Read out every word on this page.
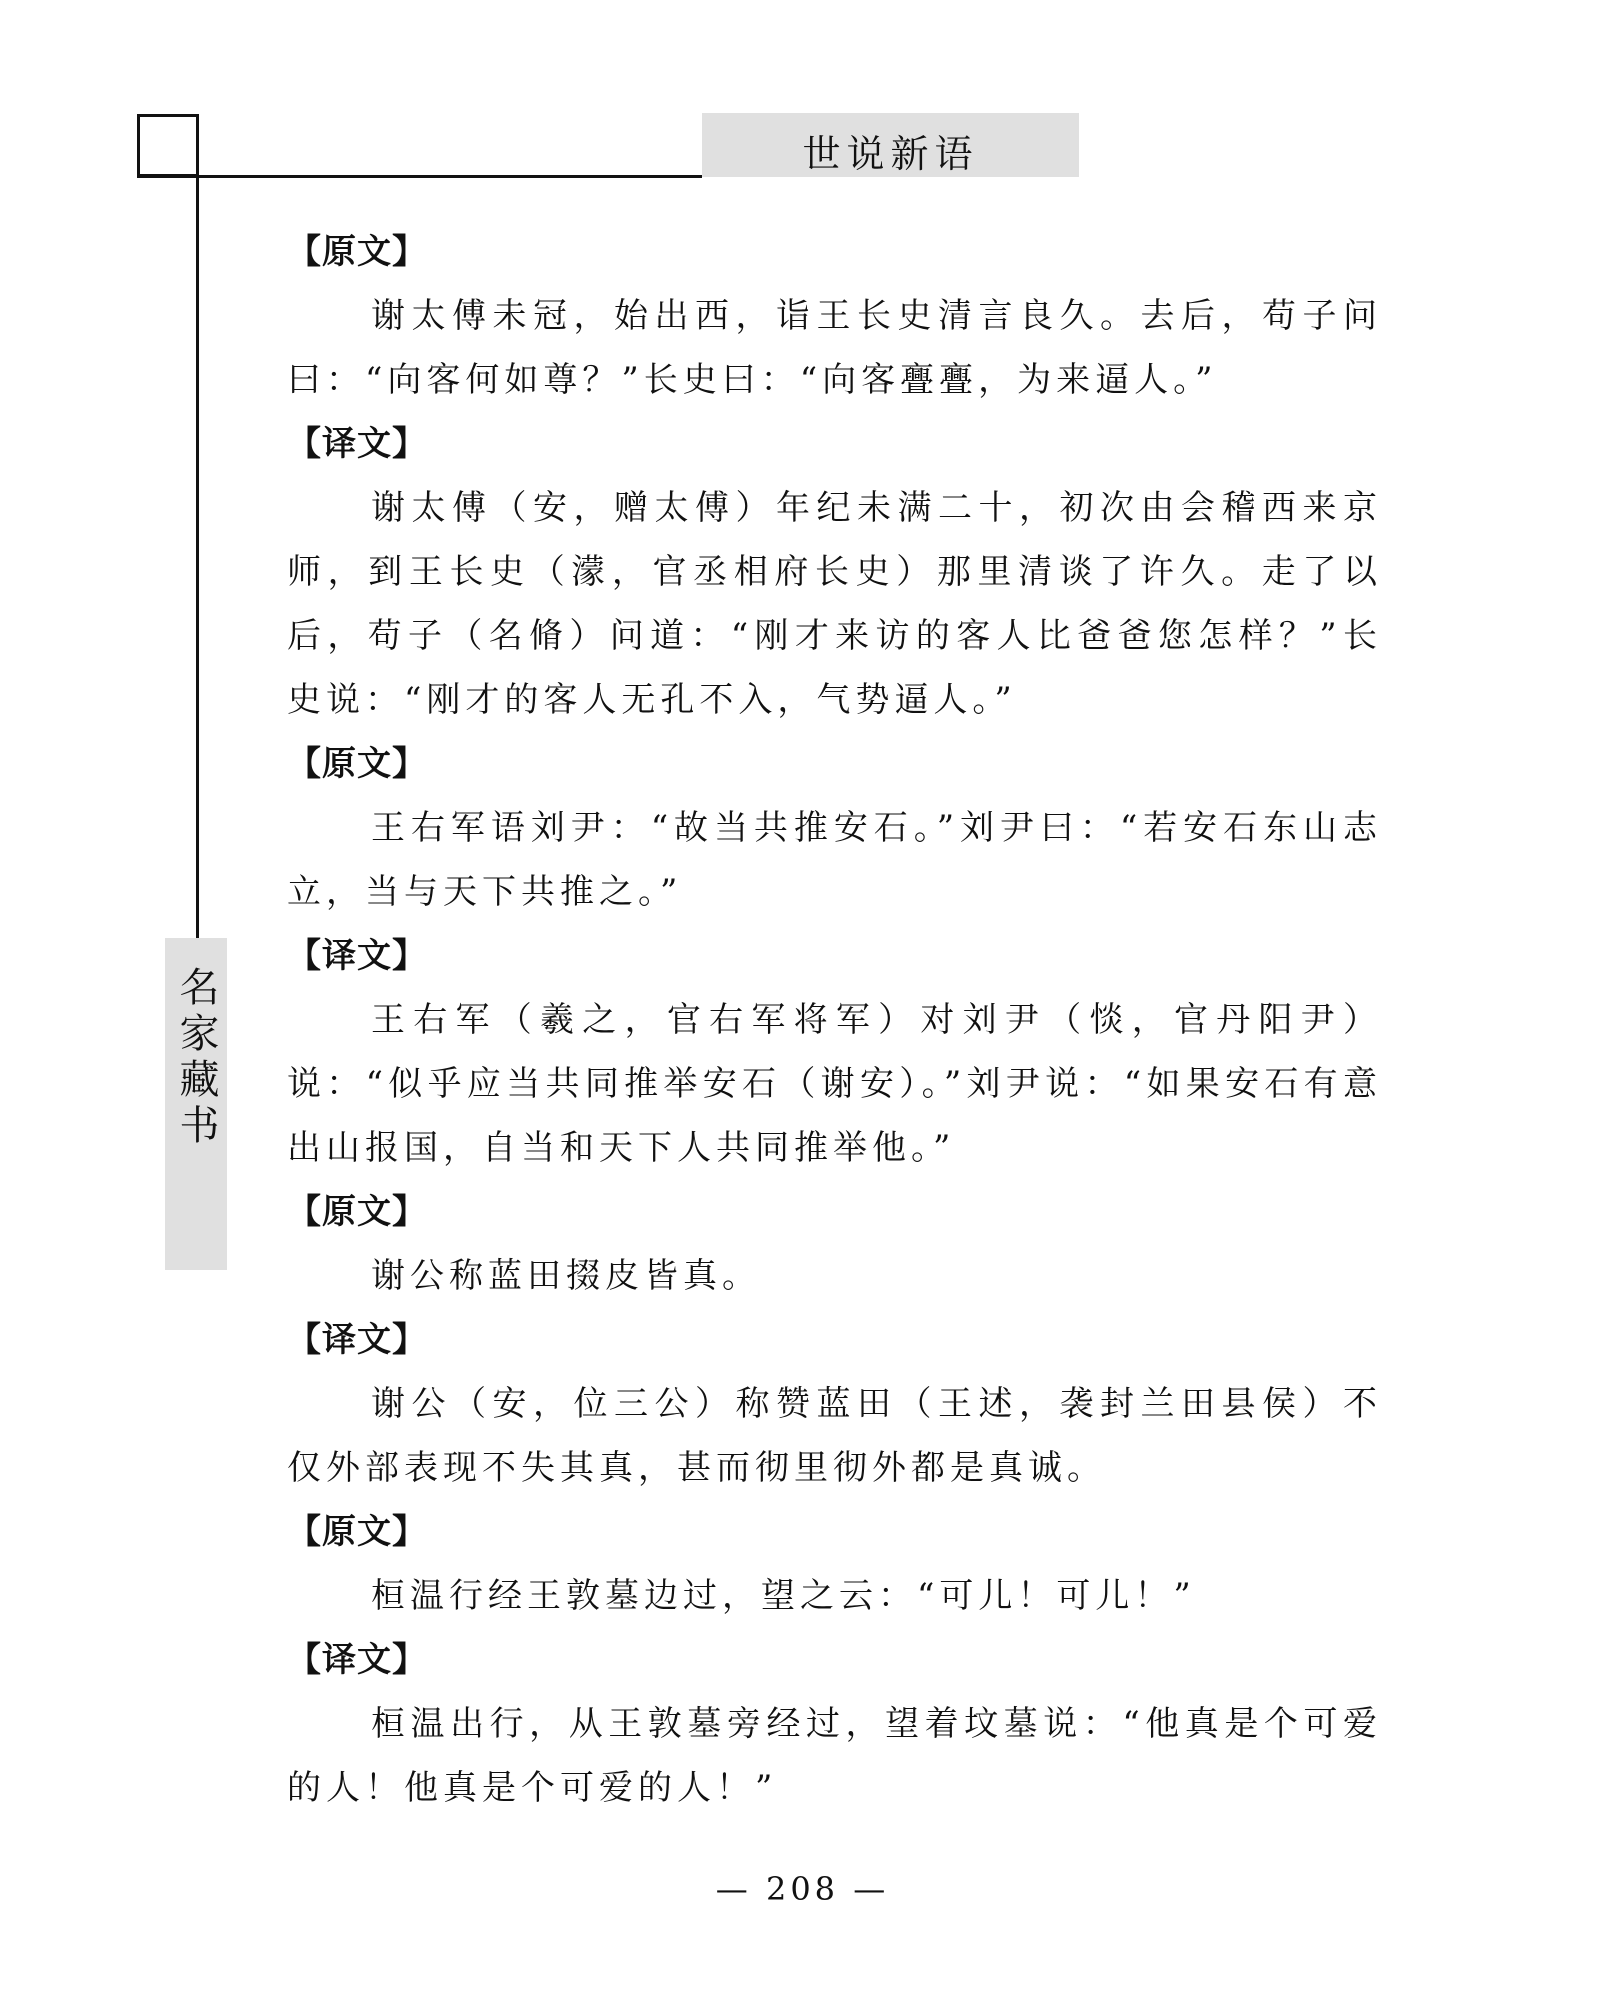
世说新语
名家藏书

【原文】

谢太傅未冠，始出西，诣王长史清言良久。去后，苟子问曰：“向客何如尊？”长史曰：“向客亹亹，为来逼人。”

【译文】

谢太傅（安，赠太傅）年纪未满二十，初次由会稽西来京师，到王长史（濛，官丞相府长史）那里清谈了许久。走了以后，苟子（名脩）问道：“刚才来访的客人比爸爸您怎样？”长史说：“刚才的客人无孔不入，气势逼人。”

【原文】

王右军语刘尹：“故当共推安石。”刘尹曰：“若安石东山志立，当与天下共推之。”

【译文】

王右军（羲之，官右军将军）对刘尹（惔，官丹阳尹）说：“似乎应当共同推举安石（谢安）。”刘尹说：“如果安石有意出山报国，自当和天下人共同推举他。”

【原文】

谢公称蓝田掇皮皆真。

【译文】

谢公（安，位三公）称赞蓝田（王述，袭封兰田县侯）不仅外部表现不失其真，甚而彻里彻外都是真诚。

【原文】

桓温行经王敦墓边过，望之云：“可儿！可儿！”

【译文】

桓温出行，从王敦墓旁经过，望着坟墓说：“他真是个可爱的人！他真是个可爱的人！”

— 208 —
